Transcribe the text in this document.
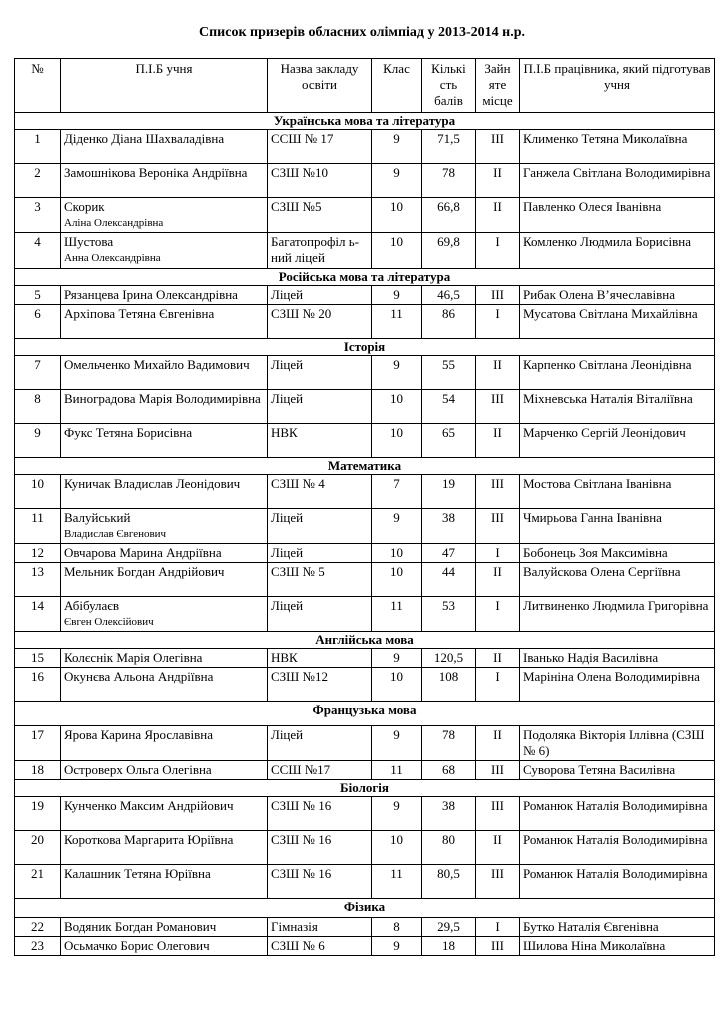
Список призерів обласних олімпіад у 2013-2014 н.р.
№	П.І.Б учня	Назва закладу освіти	Клас	Кількі сть балів	Зайн яте місце	П.І.Б працівника, який підготував учня
Українська мова та література						
1	Діденко Діана Шахвaладівна	ССШ № 17	9	71,5	III	Клименко Тетяна Миколаївна
2	Замошнікова Вероніка Андріївна	СЗШ №10	9	78	II	Ганжела Світлана Володимирівна
3	Скорик
Аліна Олександрівна	СЗШ №5	10	66,8	II	Павленко Олеся Іванівна
4	Шустова
Анна Олександрівна	Багатопрофіл ь-ний ліцей	10	69,8	I	Комленко Людмила Борисівна
Російська мова та література						
5	Рязанцева Ірина Олександрівна	Ліцей	9	46,5	III	Рибак Олена В’ячеславівна
6	Архіпова Тетяна Євгенівна	СЗШ № 20	11	86	I	Мусатова Світлана Михайлівна
Історія						
7	Омельченко Михайло Вадимович	Ліцей	9	55	II	Карпенко Світлана Леонідівна
8	Виноградова Марія Володимирівна	Ліцей	10	54	III	Міхневська Наталія Віталіївна
9	Фукс Тетяна Борисівна	НВК	10	65	II	Марченко Сергій Леонідович
Математика						
10	Куничак Владислав Леонідович	СЗШ № 4	7	19	III	Мостова Світлана Іванівна
11	Валуйський
Владислав Євгенович	Ліцей	9	38	III	Чмирьова Ганна Іванівна
12	Овчарова Марина Андріївна	Ліцей	10	47	I	Бобонець Зоя Максимівна
13	Мельник Богдан Андрійович	СЗШ № 5	10	44	II	Валуйскова Олена Сергіївна
14	Абібулаєв
Євген Олексійович	Ліцей	11	53	I	Литвиненко Людмила Григорівна
Англійська мова						
15	Колєснік Марія Олегівна	НВК	9	120,5	II	Іванько Надія Василівна
16	Окунєва Альона Андріївна	СЗШ №12	10	108	I	Марініна Олена Володимирівна
Французька мова						
17	Ярова Карина Ярославівна	Ліцей	9	78	II	Подоляка Вікторія Іллівна (СЗШ № 6)
18	Островерх Ольга Олегівна	ССШ №17	11	68	III	Суворова Тетяна Василівна
Біологія						
19	Кунченко Максим Андрійович	СЗШ № 16	9	38	III	Романюк Наталія Володимирівна
20	Короткова Маргарита Юріївна	СЗШ № 16	10	80	II	Романюк Наталія Володимирівна
21	Калашник Тетяна Юріївна	СЗШ № 16	11	80,5	III	Романюк Наталія Володимирівна
Фізика						
22	Водяник Богдан Романович	Гімназія	8	29,5	I	Бутко Наталія Євгенівна
23	Осьмачко Борис Олегович	СЗШ № 6	9	18	III	Шилова Ніна Миколаївна
